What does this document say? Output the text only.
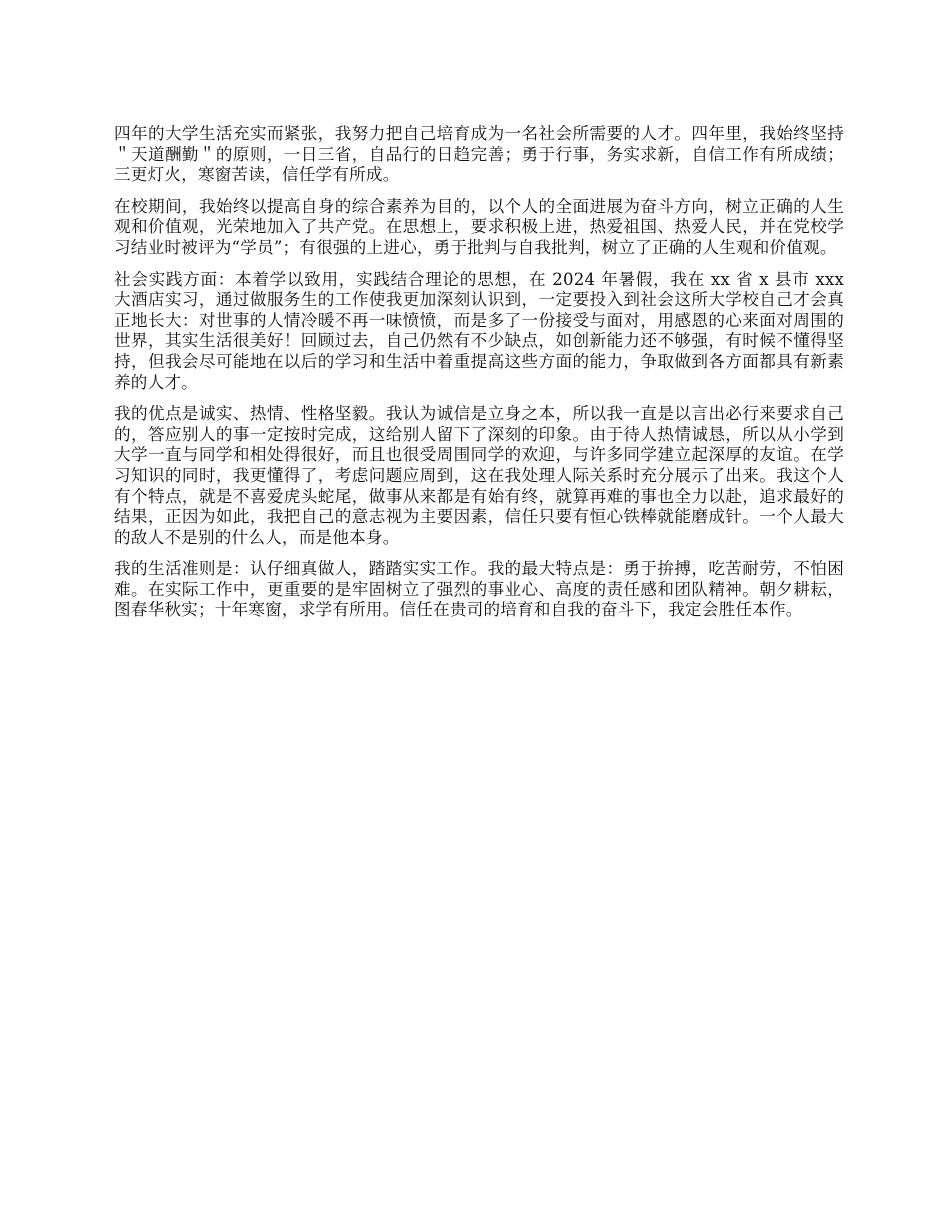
四年的大学生活充实而紧张，我努力把自己培育成为一名社会所需要的人才。四年里，我始终坚持＂天道酬勤＂的原则，一日三省，自品行的日趋完善；勇于行事，务实求新，自信工作有所成绩；三更灯火，寒窗苦读，信任学有所成。

在校期间，我始终以提高自身的综合素养为目的，以个人的全面进展为奋斗方向，树立正确的人生观和价值观，光荣地加入了共产党。在思想上，要求积极上进，热爱祖国、热爱人民，并在党校学习结业时被评为“学员”；有很强的上进心，勇于批判与自我批判，树立了正确的人生观和价值观。

社会实践方面：本着学以致用，实践结合理论的思想，在 2024 年暑假，我在 xx 省 x 县市 xxx 大酒店实习，通过做服务生的工作使我更加深刻认识到，一定要投入到社会这所大学校自己才会真正地长大：对世事的人情冷暖不再一味愤愤，而是多了一份接受与面对，用感恩的心来面对周围的世界，其实生活很美好！回顾过去，自己仍然有不少缺点，如创新能力还不够强，有时候不懂得坚持，但我会尽可能地在以后的学习和生活中着重提高这些方面的能力，争取做到各方面都具有新素养的人才。

我的优点是诚实、热情、性格坚毅。我认为诚信是立身之本，所以我一直是以言出必行来要求自己的，答应别人的事一定按时完成，这给别人留下了深刻的印象。由于待人热情诚恳，所以从小学到大学一直与同学和相处得很好，而且也很受周围同学的欢迎，与许多同学建立起深厚的友谊。在学习知识的同时，我更懂得了，考虑问题应周到，这在我处理人际关系时充分展示了出来。我这个人有个特点，就是不喜爱虎头蛇尾，做事从来都是有始有终，就算再难的事也全力以赴，追求最好的结果，正因为如此，我把自己的意志视为主要因素，信任只要有恒心铁棒就能磨成针。一个人最大的敌人不是别的什么人，而是他本身。

我的生活准则是：认仔细真做人，踏踏实实工作。我的最大特点是：勇于拚搏，吃苦耐劳，不怕困难。在实际工作中，更重要的是牢固树立了强烈的事业心、高度的责任感和团队精神。朝夕耕耘，图春华秋实；十年寒窗，求学有所用。信任在贵司的培育和自我的奋斗下，我定会胜任本作。
